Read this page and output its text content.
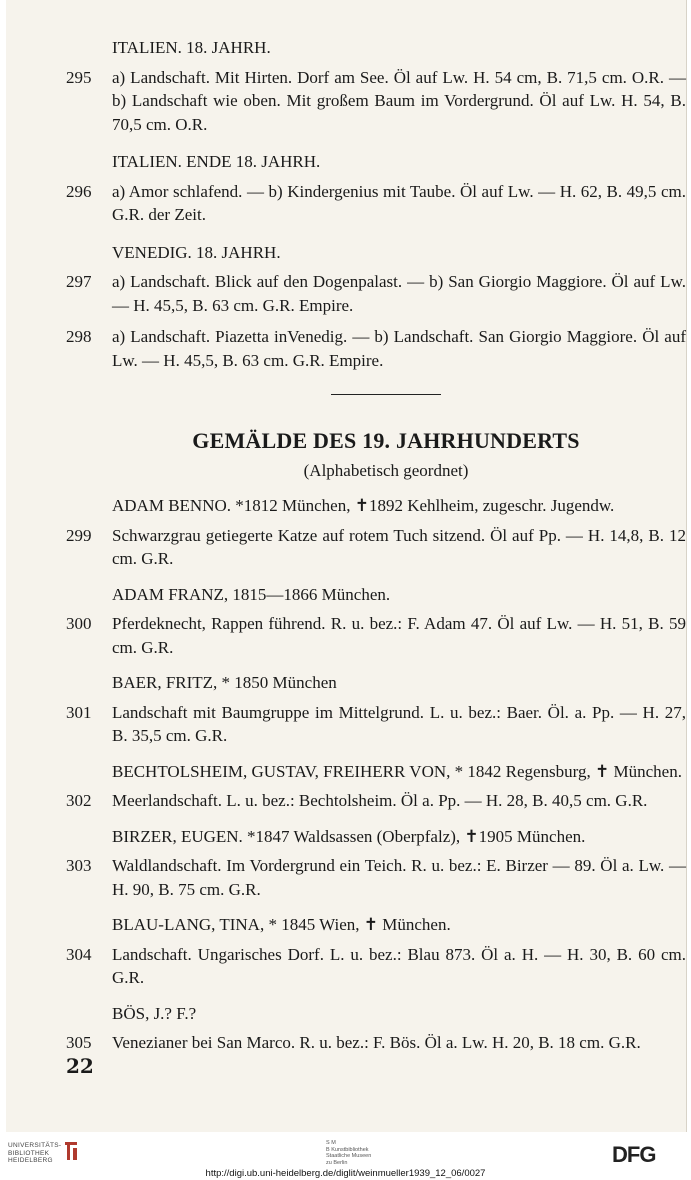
ITALIEN. 18. JAHRH.
295	a) Landschaft. Mit Hirten. Dorf am See. Öl auf Lw. H. 54 cm, B. 71,5 cm. O.R. — b) Landschaft wie oben. Mit großem Baum im Vordergrund. Öl auf Lw. H. 54, B. 70,5 cm. O.R.
ITALIEN. ENDE 18. JAHRH.
296	a) Amor schlafend. — b) Kindergenius mit Taube. Öl auf Lw. — H. 62, B. 49,5 cm. G.R. der Zeit.
VENEDIG. 18. JAHRH.
297	a) Landschaft. Blick auf den Dogenpalast. — b) San Giorgio Maggiore. Öl auf Lw. — H. 45,5, B. 63 cm. G.R. Empire.
298	a) Landschaft. Piazetta inVenedig. — b) Landschaft. San Giorgio Maggiore. Öl auf Lw. — H. 45,5, B. 63 cm. G.R. Empire.
GEMÄLDE DES 19. JAHRHUNDERTS
(Alphabetisch geordnet)
ADAM BENNO. *1812 München, ✝1892 Kehlheim, zugeschr. Jugendw.
299	Schwarzgrau getiegerte Katze auf rotem Tuch sitzend. Öl auf Pp. — H. 14,8, B. 12 cm. G.R.
ADAM FRANZ, 1815—1866 München.
300	Pferdeknecht, Rappen führend. R. u. bez.: F. Adam 47. Öl auf Lw. — H. 51, B. 59 cm. G.R.
BAER, FRITZ, * 1850 München
301	Landschaft mit Baumgruppe im Mittelgrund. L. u. bez.: Baer. Öl. a. Pp. — H. 27, B. 35,5 cm. G.R.
BECHTOLSHEIM, GUSTAV, FREIHERR VON, * 1842 Regensburg, ✝ München.
302	Meerlandschaft. L. u. bez.: Bechtolsheim. Öl a. Pp. — H. 28, B. 40,5 cm. G.R.
BIRZER, EUGEN. *1847 Waldsassen (Oberpfalz), ✝1905 München.
303	Waldlandschaft. Im Vordergrund ein Teich. R. u. bez.: E. Birzer — 89. Öl a. Lw. — H. 90, B. 75 cm. G.R.
BLAU-LANG, TINA, * 1845 Wien, ✝ München.
304	Landschaft. Ungarisches Dorf. L. u. bez.: Blau 873. Öl a. H. — H. 30, B. 60 cm. G.R.
BÖS, J.? F.?
305	Venezianer bei San Marco. R. u. bez.: F. Bös. Öl a. Lw. H. 20, B. 18 cm. G.R.
22
UNIVERSITÄTS-
BIBLIOTHEK
HEIDELBERG
S M
B Kunstbibliothek
Staatliche Museen
zu Berlin	DFG
http://digi.ub.uni-heidelberg.de/diglit/weinmueller1939_12_06/0027
